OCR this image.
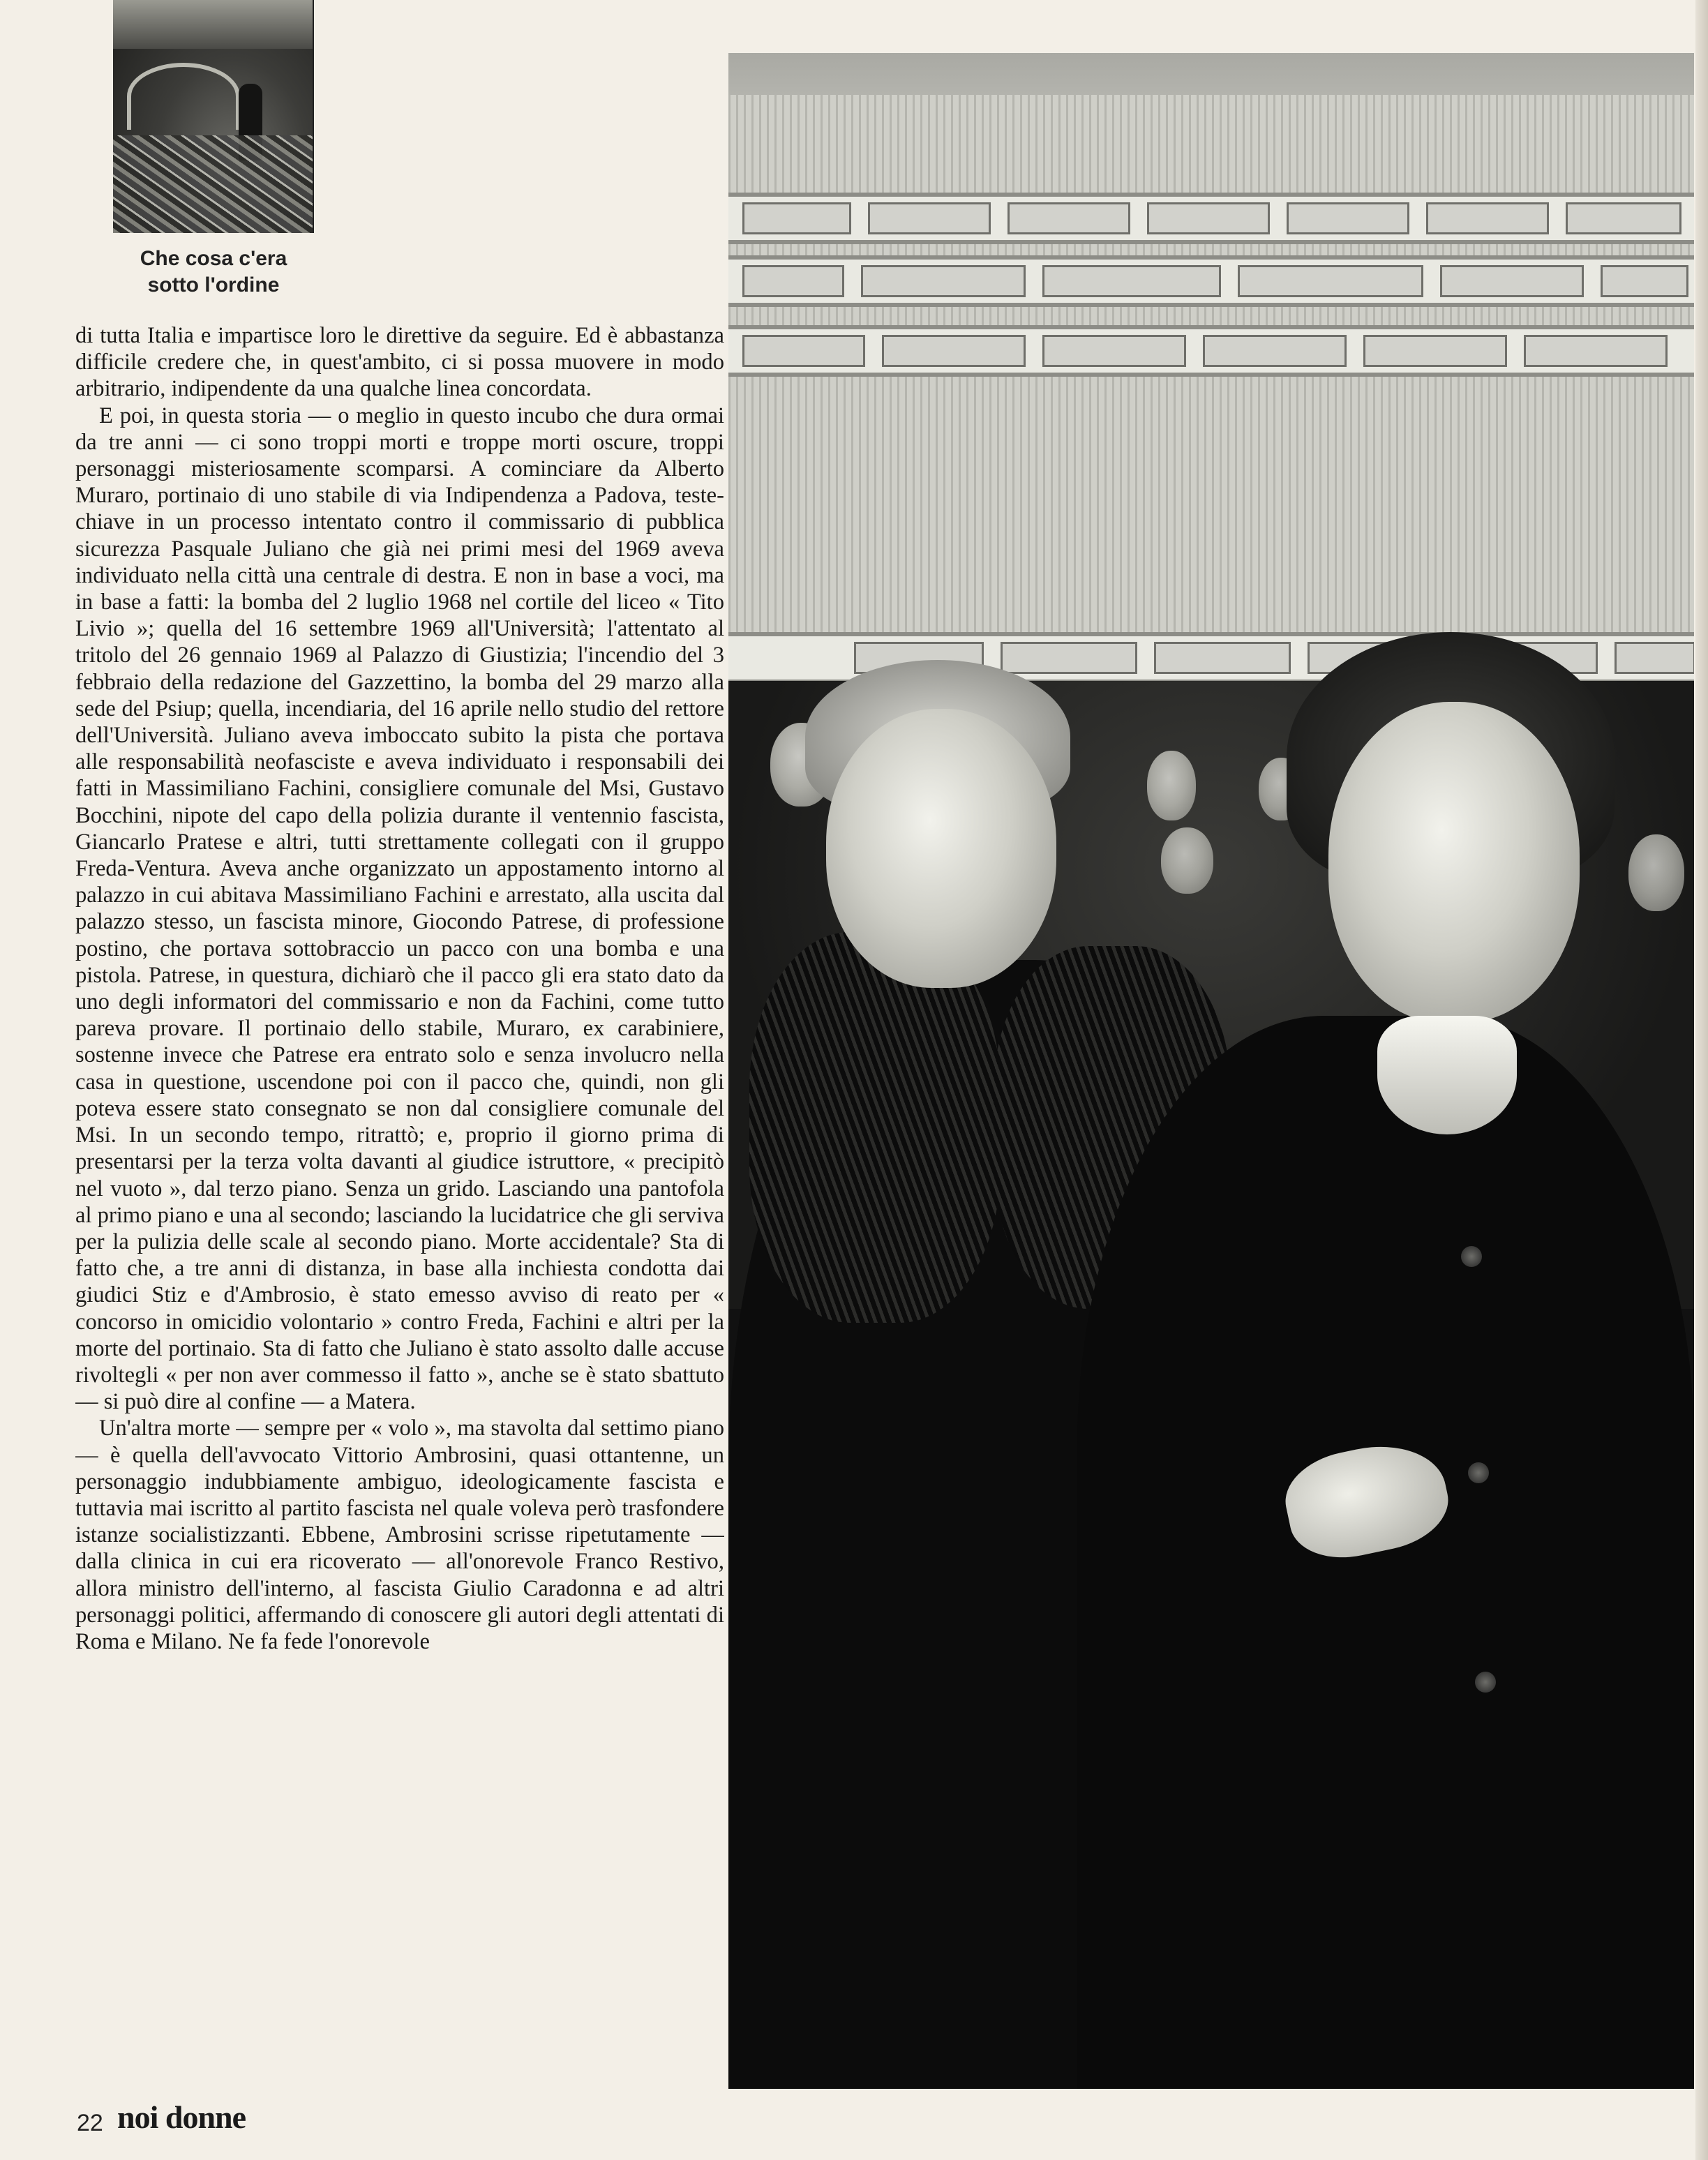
Che cosa c'era
sotto l'ordine

di tutta Italia e impartisce loro le direttive da seguire. Ed è abbastanza difficile credere che, in quest'ambito, ci si possa muovere in modo arbitrario, indipendente da una qualche linea concordata.

E poi, in questa storia — o meglio in questo incubo che dura ormai da tre anni — ci sono troppi morti e troppe morti oscure, troppi personaggi misteriosamente scomparsi. A cominciare da Alberto Muraro, portinaio di uno stabile di via Indipendenza a Padova, teste-chiave in un processo intentato contro il commissario di pubblica sicurezza Pasquale Juliano che già nei primi mesi del 1969 aveva individuato nella città una centrale di destra. E non in base a voci, ma in base a fatti: la bomba del 2 luglio 1968 nel cortile del liceo « Tito Livio »; quella del 16 settembre 1969 all'Università; l'attentato al tritolo del 26 gennaio 1969 al Palazzo di Giustizia; l'incendio del 3 febbraio della redazione del Gazzettino, la bomba del 29 marzo alla sede del Psiup; quella, incendiaria, del 16 aprile nello studio del rettore dell'Università. Juliano aveva imboccato subito la pista che portava alle responsabilità neofasciste e aveva individuato i responsabili dei fatti in Massimiliano Fachini, consigliere comunale del Msi, Gustavo Bocchini, nipote del capo della polizia durante il ventennio fascista, Giancarlo Pratese e altri, tutti strettamente collegati con il gruppo Freda-Ventura. Aveva anche organizzato un appostamento intorno al palazzo in cui abitava Massimiliano Fachini e arrestato, alla uscita dal palazzo stesso, un fascista minore, Giocondo Patrese, di professione postino, che portava sottobraccio un pacco con una bomba e una pistola. Patrese, in questura, dichiarò che il pacco gli era stato dato da uno degli informatori del commissario e non da Fachini, come tutto pareva provare. Il portinaio dello stabile, Muraro, ex carabiniere, sostenne invece che Patrese era entrato solo e senza involucro nella casa in questione, uscendone poi con il pacco che, quindi, non gli poteva essere stato consegnato se non dal consigliere comunale del Msi. In un secondo tempo, ritrattò; e, proprio il giorno prima di presentarsi per la terza volta davanti al giudice istruttore, « precipitò nel vuoto », dal terzo piano. Senza un grido. Lasciando una pantofola al primo piano e una al secondo; lasciando la lucidatrice che gli serviva per la pulizia delle scale al secondo piano. Morte accidentale? Sta di fatto che, a tre anni di distanza, in base alla inchiesta condotta dai giudici Stiz e d'Ambrosio, è stato emesso avviso di reato per « concorso in omicidio volontario » contro Freda, Fachini e altri per la morte del portinaio. Sta di fatto che Juliano è stato assolto dalle accuse rivoltegli « per non aver commesso il fatto », anche se è stato sbattuto — si può dire al confine — a Matera.

Un'altra morte — sempre per « volo », ma stavolta dal settimo piano — è quella dell'avvocato Vittorio Ambrosini, quasi ottantenne, un personaggio indubbiamente ambiguo, ideologicamente fascista e tuttavia mai iscritto al partito fascista nel quale voleva però trasfondere istanze socialistizzanti. Ebbene, Ambrosini scrisse ripetutamente — dalla clinica in cui era ricoverato — all'onorevole Franco Restivo, allora ministro dell'interno, al fascista Giulio Caradonna e ad altri personaggi politici, affermando di conoscere gli autori degli attentati di Roma e Milano. Ne fa fede l'onorevole

22 noi donne
